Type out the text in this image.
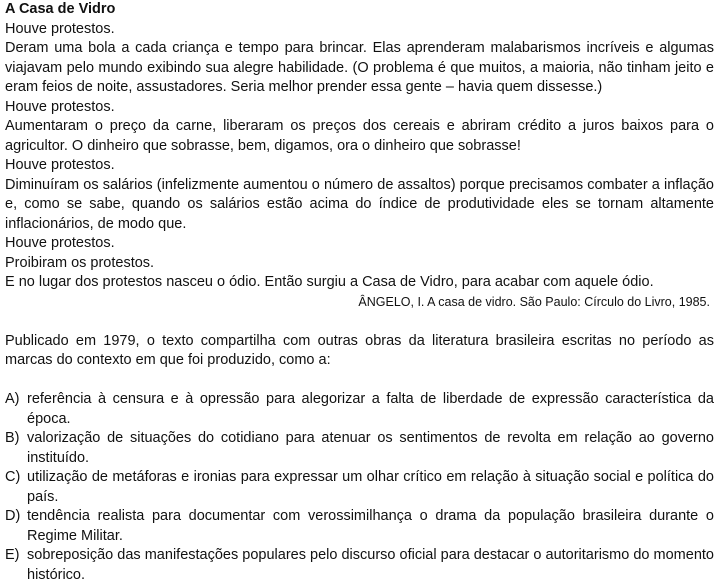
A Casa de Vidro

Houve protestos.

Deram uma bola a cada criança e tempo para brincar. Elas aprenderam malabarismos incríveis e algumas viajavam pelo mundo exibindo sua alegre habilidade. (O problema é que muitos, a maioria, não tinham jeito e eram feios de noite, assustadores. Seria melhor prender essa gente – havia quem dissesse.)

Houve protestos.

Aumentaram o preço da carne, liberaram os preços dos cereais e abriram crédito a juros baixos para o agricultor. O dinheiro que sobrasse, bem, digamos, ora o dinheiro que sobrasse!

Houve protestos.

Diminuíram os salários (infelizmente aumentou o número de assaltos) porque precisamos combater a inflação e, como se sabe, quando os salários estão acima do índice de produtividade eles se tornam altamente inflacionários, de modo que.

Houve protestos.

Proibiram os protestos.

E no lugar dos protestos nasceu o ódio. Então surgiu a Casa de Vidro, para acabar com aquele ódio.

ÂNGELO, I. A casa de vidro. São Paulo: Círculo do Livro, 1985.

Publicado em 1979, o texto compartilha com outras obras da literatura brasileira escritas no período as marcas do contexto em que foi produzido, como a:

A) referência à censura e à opressão para alegorizar a falta de liberdade de expressão característica da época.
B) valorização de situações do cotidiano para atenuar os sentimentos de revolta em relação ao governo instituído.
C) utilização de metáforas e ironias para expressar um olhar crítico em relação à situação social e política do país.
D) tendência realista para documentar com verossimilhança o drama da população brasileira durante o Regime Militar.
E) sobreposição das manifestações populares pelo discurso oficial para destacar o autoritarismo do momento histórico.
